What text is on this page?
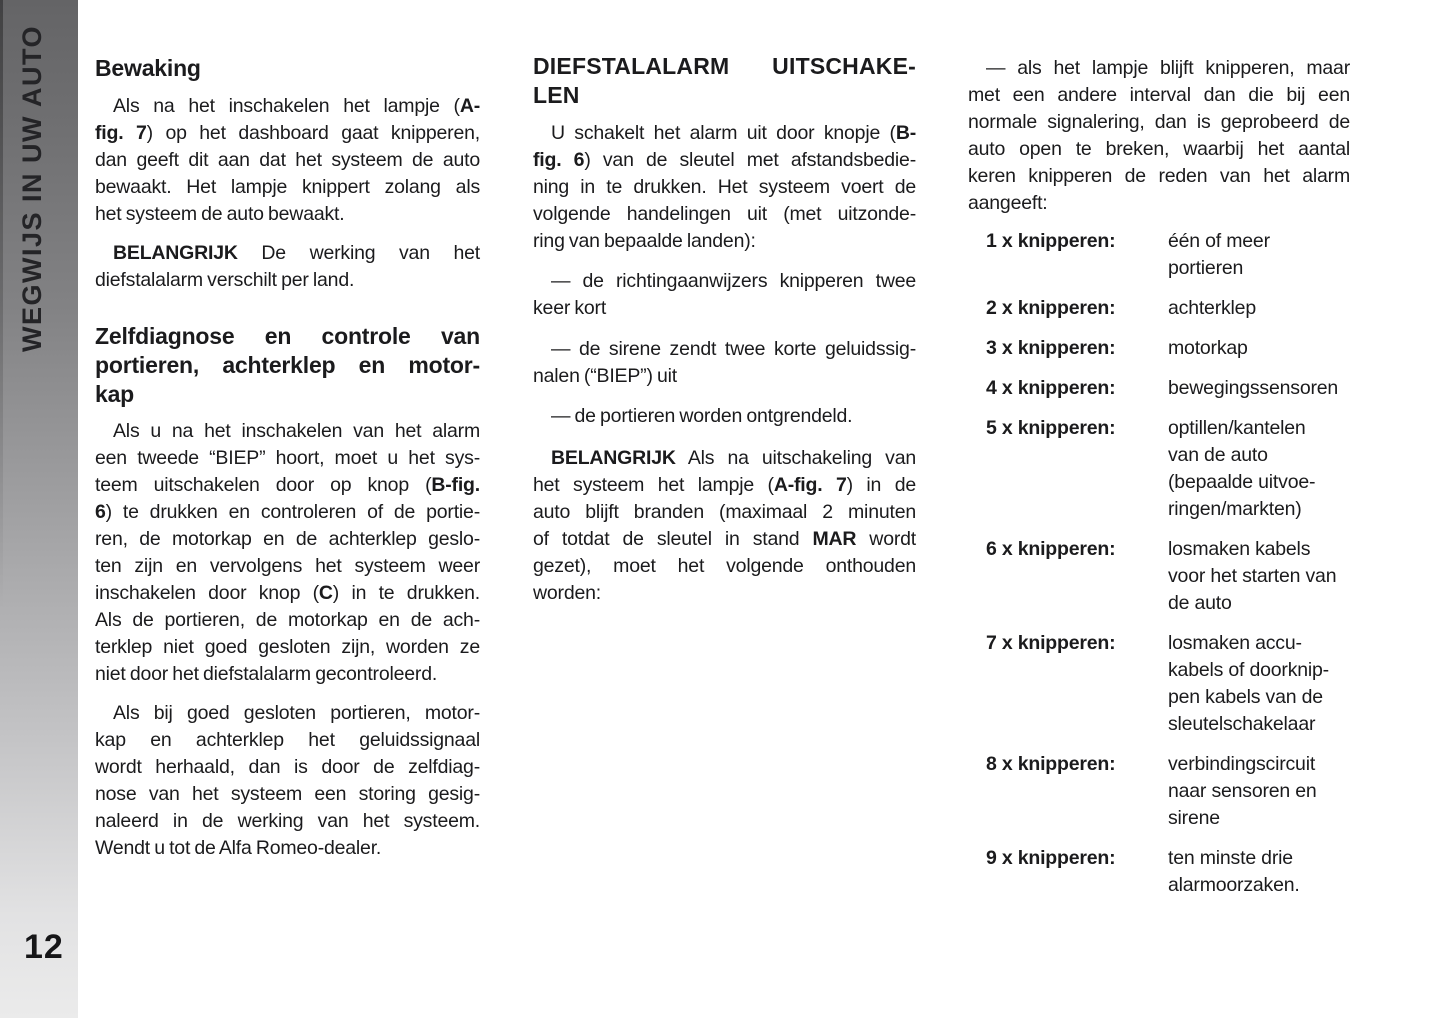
WEGWIJS IN UW AUTO
12
Bewaking
Als na het inschakelen het lampje (A-
fig. 7) op het dashboard gaat knipperen,
dan geeft dit aan dat het systeem de auto
bewaakt. Het lampje knippert zolang als
het systeem de auto bewaakt.
BELANGRIJK De werking van het
diefstalalarm verschilt per land.
Zelfdiagnose en controle van
portieren, achterklep en motor-
kap
Als u na het inschakelen van het alarm
een tweede “BIEP” hoort, moet u het sys-
teem uitschakelen door op knop (B-fig.
6) te drukken en controleren of de portie-
ren, de motorkap en de achterklep geslo-
ten zijn en vervolgens het systeem weer
inschakelen door knop (C) in te drukken.
Als de portieren, de motorkap en de ach-
terklep niet goed gesloten zijn, worden ze
niet door het diefstalalarm gecontroleerd.
Als bij goed gesloten portieren, motor-
kap en achterklep het geluidssignaal
wordt herhaald, dan is door de zelfdiag-
nose van het systeem een storing gesig-
naleerd in de werking van het systeem.
Wendt u tot de Alfa Romeo-dealer.
DIEFSTALALARM UITSCHAKE-
LEN
U schakelt het alarm uit door knopje (B-
fig. 6) van de sleutel met afstandsbedie-
ning in te drukken. Het systeem voert de
volgende handelingen uit (met uitzonde-
ring van bepaalde landen):
— de richtingaanwijzers knipperen twee
keer kort
— de sirene zendt twee korte geluidssig-
nalen (“BIEP”) uit
— de portieren worden ontgrendeld.
BELANGRIJK Als na uitschakeling van
het systeem het lampje (A-fig. 7) in de
auto blijft branden (maximaal 2 minuten
of totdat de sleutel in stand MAR wordt
gezet), moet het volgende onthouden
worden:
— als het lampje blijft knipperen, maar
met een andere interval dan die bij een
normale signalering, dan is geprobeerd de
auto open te breken, waarbij het aantal
keren knipperen de reden van het alarm
aangeeft:
1 x knipperen:	één of meer
portieren
2 x knipperen:	achterklep
3 x knipperen:	motorkap
4 x knipperen:	bewegingssensoren
5 x knipperen:	optillen/kantelen
van de auto
(bepaalde uitvoe-
ringen/markten)
6 x knipperen:	losmaken kabels
voor het starten van
de auto
7 x knipperen:	losmaken accu-
kabels of doorknip-
pen kabels van de
sleutelschakelaar
8 x knipperen:	verbindingscircuit
naar sensoren en
sirene
9 x knipperen:	ten minste drie
alarmoorzaken.
